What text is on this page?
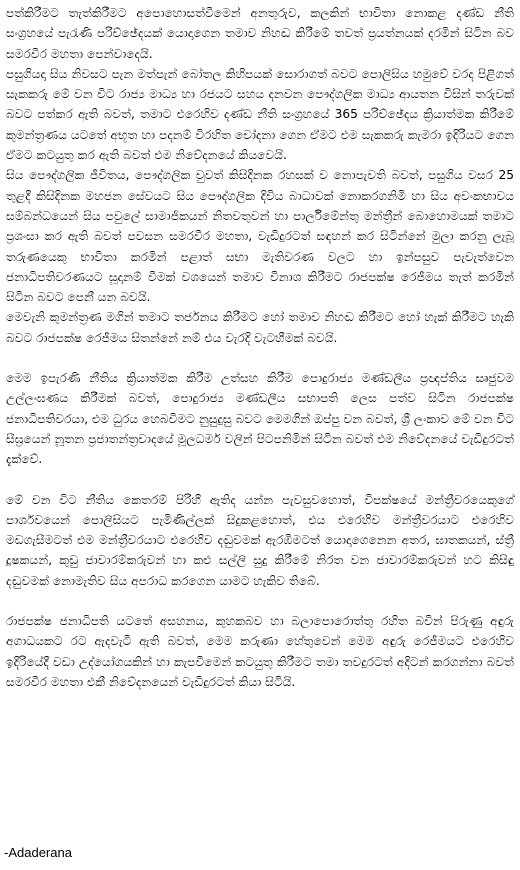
පත්කිරීමට තැත්කිරීමට අපොහොසත්වීමෙන් අනතුරුව, කලකින් භාවිතා නොකළ දණ්ඩ නීති සංග්‍රහයේ පැරැණි පරිච්ඡේදයක් යොදාගෙන තමාව නිහඬ කිරීමේ තවත් ප්‍රයත්නයක් දරමින් සිටින බව සමරවීර මහතා පෙන්වාදෙයි.

පසුගියදා සිය නිවසට පැන මත්පැන් බෝතල කිහිපයක් සොරාගත් බවට පොලිසිය හමුවේ වරද පිළිගත් සැකකරු මේ වන විට රාජ්‍ය මාධ්‍ය හා රජයට සහය දනවන පෞද්ගලික මාධ්‍ය ආයතන විසින් තරුවක් බවට පත්කර ඇති බවත්, තමාට එරෙහිව දණ්ඩ නීති සංග්‍රහයේ 365 පරිච්ඡේදය ක්‍රියාත්මක කිරීමේ කුමන්ත්‍රණය යටතේ අභූත හා පදනම් විරහිත චෝදනා ගෙන ඒමට එම සැකකරු කැමරා ඉදිරියට ගෙන ඒමට කටයුතු කර ඇති බවත් එම නිවේදනයේ කියවෙයි.

සිය පෞද්ගලික ජීවිතය, පෞද්ගලික චුවත් කිසිදිනක රහසක් ව නොපැවති බවත්, පසුගිය වසර 25 තුළදී කිසිදිනක මහජන සේවයට සිය පෞද්ගලික දිවිය බාධාවක් නොකරගනිමි හා සිය අවංකභාවය සම්බන්ධයෙන් සිය පවුලේ සාමාජිකයන් නිතවතුවන් හා පාර්ලිමේන්තු මන්ත්‍රීන් බොහොමයක් තමාට ප්‍රශංසා කර ඇති බවත් පවසන සමරවීර මහතා, වැඩිදුරටත් සඳහන් කර සිටින්නේ මුලා කරනු ලැබූ තරුණයෙකු භාවිතා කරමින් පළාත් සභා මැතිවරණ වලට හා ඉන්පසුව පැවැත්වෙන ජනාධිපතිවරණයට සූදානම් වීමක් වශයෙන් තමාව විනාශ කිරීමට රාජපක්ෂ රෙජීමය තැත් කරමින් සිටින බවට පෙනී යන බවයි.

මෙවැනි කුමන්ත්‍රණ මගින් තමාට තර්ජනය කිරීමට හෝ තමාව නිහඬ කිරීමට හෝ හැක් කිරීමට හැකි බවට රාජපක්ෂ රෙජීමය සිතන්නේ නම් එය වැරදි වැටහීමක් බවයි.

මෙම ඉපැරණි නීතිය ක්‍රියාත්මක කිරීම උත්සහ කිරීම පොදුරාජ්‍ය මණ්ඩලීය ප්‍රඥප්තිය සෘජුවම උල්ලංඝණය කිරීමක් බවත්, පොදුරාජ්‍ය මණ්ඩලීය සභාපති ලෙස පත්ව සිටින රාජපක්ෂ ජනාධිපතිවරයා, එම ධුරය හෙබවීමට නුසුදුසු බවට මෙමගින් ඔප්පු වන බවත්, ශ්‍රී ලංකාව මේ වන විට සීඝ්‍රයෙන් නූතන ප්‍රජාතන්ත්‍රවාදයේ මූලධර්ම වලින් පිටපනිමින් සිටින බවත් එම නිවේදනයේ වැඩිදුරටත් දැක්වේ.

මේ වන විට නීතිය කෙතරම් පිරිහී ඇතිද යන්න පැවසුවහොත්, විපක්ෂයේ මන්ත්‍රීවරයෙකුගේ පාර්ශවයෙන් පොලිසියට පැමිණිල්ලක් සිදුකළහොත්, එය එරෙහිව මන්ත්‍රීවරයාට එරෙහිව මඩගැසීමටත් එම මන්ත්‍රීවරයාට එරෙහිව දඬුවමක් ඇරඹීමටත් යොදාගෙනෙන අතර, ඝාතකයන්, ස්ත්‍රී දූෂකයන්, කුඩු ජාවාරම්කරුවන් හා කළු සල්ලි සුදු කිරීමේ නිරත වන ජාවාරම්කරුවන් හට කිසිඳු දඬුවමක් නොමැතිව සිය අපරාධ කරගෙන යාමට හැකිව තිබේ.

රාජපක්ෂ ජනාධිපති යටතේ අසහනය, කුහකබව හා බලාපොරොත්තු රහිත බවින් පිරුණු අඳුරු අගාධයකට රට ඇදවැටී ඇති බවත්, මෙම කරුණා හේතුවෙන් මෙම අඳුරු රෙජීමයට එරෙහිව ඉදිරියේදී වඩා උද්යෝගයකින් හා කැපවීමෙන් කටයුතු කිරීමට තමා තවදුරටත් අදිටන් කරගන්නා බවත් සමරවීර මහතා එකී නිවේදනයෙන් වැඩිදුරටත් කියා සිටියි.

-Adaderana
